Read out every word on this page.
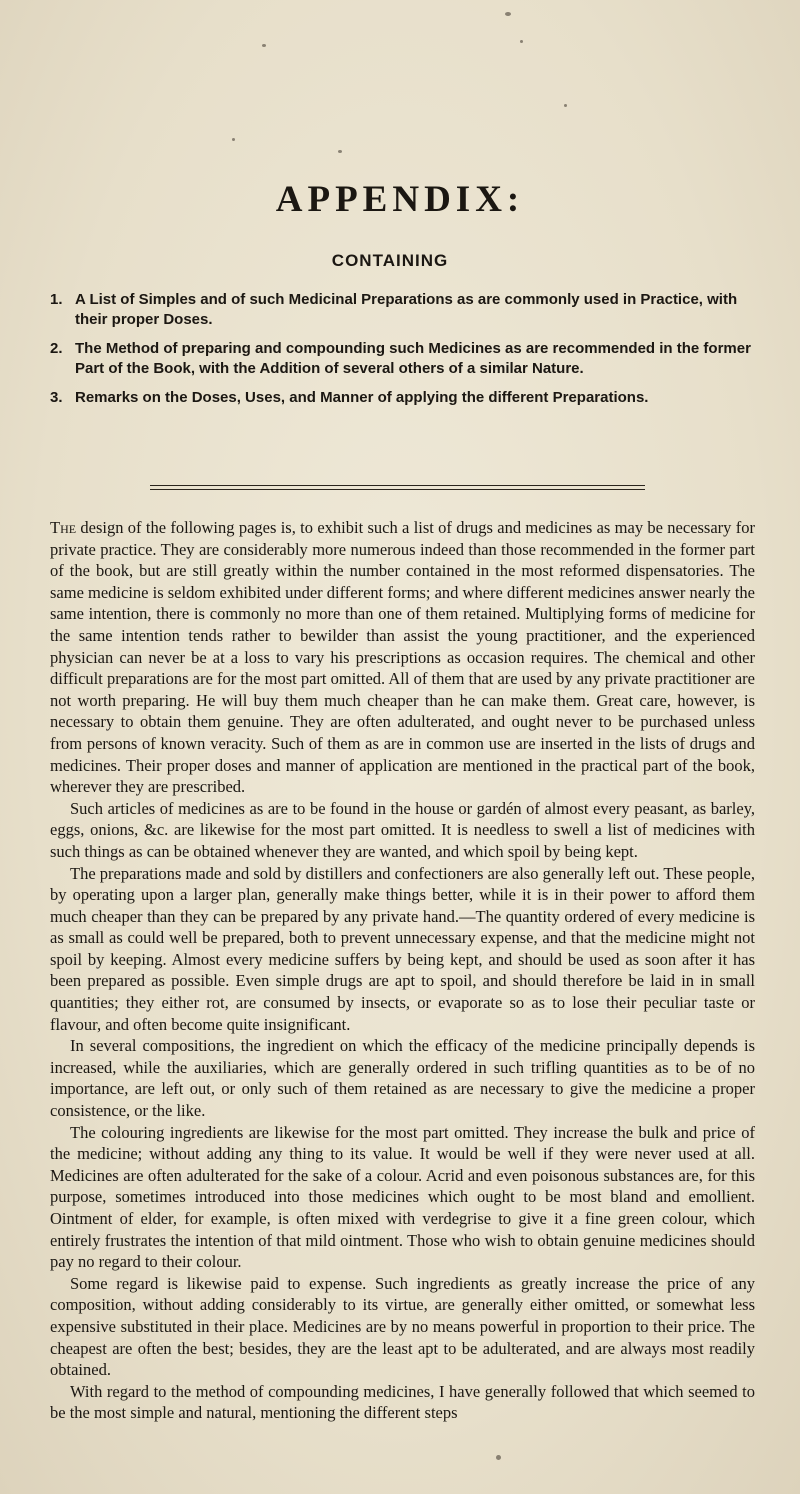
APPENDIX:
CONTAINING
1. A List of Simples and of such Medicinal Preparations as are commonly used in Practice, with their proper Doses.
2. The Method of preparing and compounding such Medicines as are recommended in the former Part of the Book, with the Addition of several others of a similar Nature.
3. Remarks on the Doses, Uses, and Manner of applying the different Preparations.

The design of the following pages is, to exhibit such a list of drugs and medicines as may be necessary for private practice. They are considerably more numerous indeed than those recommended in the former part of the book, but are still greatly within the number contained in the most reformed dispensatories. The same medicine is seldom exhibited under different forms; and where different medicines answer nearly the same intention, there is commonly no more than one of them retained. Multiplying forms of medicine for the same intention tends rather to bewilder than assist the young practitioner, and the experienced physician can never be at a loss to vary his prescriptions as occasion requires. The chemical and other difficult preparations are for the most part omitted. All of them that are used by any private practitioner are not worth preparing. He will buy them much cheaper than he can make them. Great care, however, is necessary to obtain them genuine. They are often adulterated, and ought never to be purchased unless from persons of known veracity. Such of them as are in common use are inserted in the lists of drugs and medicines. Their proper doses and manner of application are mentioned in the practical part of the book, wherever they are prescribed.

Such articles of medicines as are to be found in the house or gardén of almost every peasant, as barley, eggs, onions, &c. are likewise for the most part omitted. It is needless to swell a list of medicines with such things as can be obtained whenever they are wanted, and which spoil by being kept.

The preparations made and sold by distillers and confectioners are also generally left out. These people, by operating upon a larger plan, generally make things better, while it is in their power to afford them much cheaper than they can be prepared by any private hand.—The quantity ordered of every medicine is as small as could well be prepared, both to prevent unnecessary expense, and that the medicine might not spoil by keeping. Almost every medicine suffers by being kept, and should be used as soon after it has been prepared as possible. Even simple drugs are apt to spoil, and should therefore be laid in in small quantities; they either rot, are consumed by insects, or evaporate so as to lose their peculiar taste or flavour, and often become quite insignificant.

In several compositions, the ingredient on which the efficacy of the medicine principally depends is increased, while the auxiliaries, which are generally ordered in such trifling quantities as to be of no importance, are left out, or only such of them retained as are necessary to give the medicine a proper consistence, or the like.

The colouring ingredients are likewise for the most part omitted. They increase the bulk and price of the medicine; without adding any thing to its value. It would be well if they were never used at all. Medicines are often adulterated for the sake of a colour. Acrid and even poisonous substances are, for this purpose, sometimes introduced into those medicines which ought to be most bland and emollient. Ointment of elder, for example, is often mixed with verdegrise to give it a fine green colour, which entirely frustrates the intention of that mild ointment. Those who wish to obtain genuine medicines should pay no regard to their colour.

Some regard is likewise paid to expense. Such ingredients as greatly increase the price of any composition, without adding considerably to its virtue, are generally either omitted, or somewhat less expensive substituted in their place. Medicines are by no means powerful in proportion to their price. The cheapest are often the best; besides, they are the least apt to be adulterated, and are always most readily obtained.

With regard to the method of compounding medicines, I have generally followed that which seemed to be the most simple and natural, mentioning the different steps
